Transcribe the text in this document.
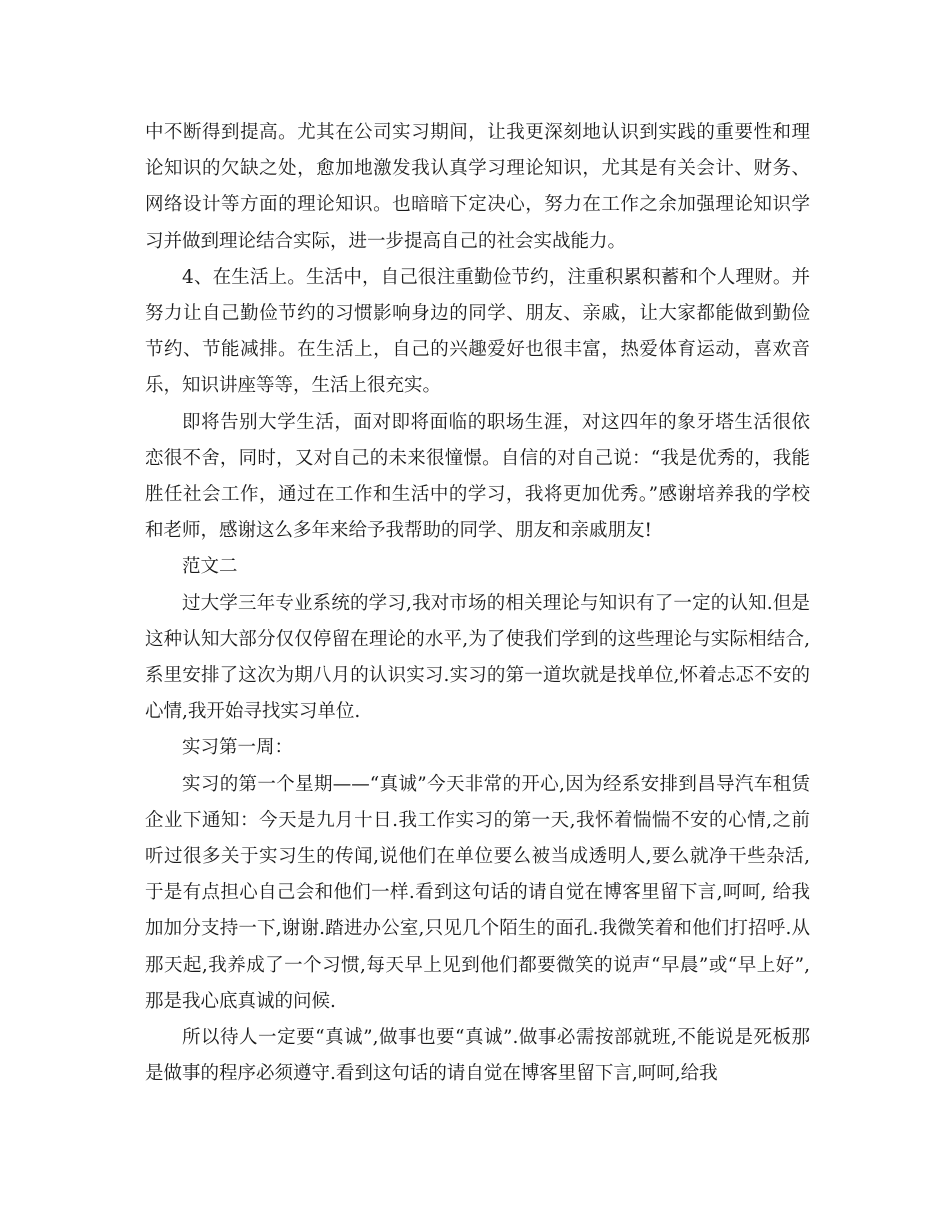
中不断得到提高。尤其在公司实习期间，让我更深刻地认识到实践的重要性和理论知识的欠缺之处，愈加地激发我认真学习理论知识，尤其是有关会计、财务、网络设计等方面的理论知识。也暗暗下定决心，努力在工作之余加强理论知识学习并做到理论结合实际，进一步提高自己的社会实战能力。

4、在生活上。生活中，自己很注重勤俭节约，注重积累积蓄和个人理财。并努力让自己勤俭节约的习惯影响身边的同学、朋友、亲戚，让大家都能做到勤俭节约、节能减排。在生活上，自己的兴趣爱好也很丰富，热爱体育运动，喜欢音乐，知识讲座等等，生活上很充实。

即将告别大学生活，面对即将面临的职场生涯，对这四年的象牙塔生活很依恋很不舍，同时，又对自己的未来很憧憬。自信的对自己说：“我是优秀的，我能胜任社会工作，通过在工作和生活中的学习，我将更加优秀。”感谢培养我的学校和老师，感谢这么多年来给予我帮助的同学、朋友和亲戚朋友!

范文二

过大学三年专业系统的学习,我对市场的相关理论与知识有了一定的认知.但是这种认知大部分仅仅停留在理论的水平,为了使我们学到的这些理论与实际相结合,系里安排了这次为期八月的认识实习.实习的第一道坎就是找单位,怀着忐忑不安的心情,我开始寻找实习单位.

实习第一周：

实习的第一个星期——“真诚”今天非常的开心,因为经系安排到昌导汽车租赁企业下通知：今天是九月十日.我工作实习的第一天,我怀着惴惴不安的心情,之前听过很多关于实习生的传闻,说他们在单位要么被当成透明人,要么就净干些杂活,于是有点担心自己会和他们一样.看到这句话的请自觉在博客里留下言,呵呵, 给我加加分支持一下,谢谢.踏进办公室,只见几个陌生的面孔.我微笑着和他们打招呼.从那天起,我养成了一个习惯,每天早上见到他们都要微笑的说声“早晨”或“早上好”,那是我心底真诚的问候.

所以待人一定要“真诚”,做事也要“真诚”.做事必需按部就班,不能说是死板那是做事的程序必须遵守.看到这句话的请自觉在博客里留下言,呵呵,给我
